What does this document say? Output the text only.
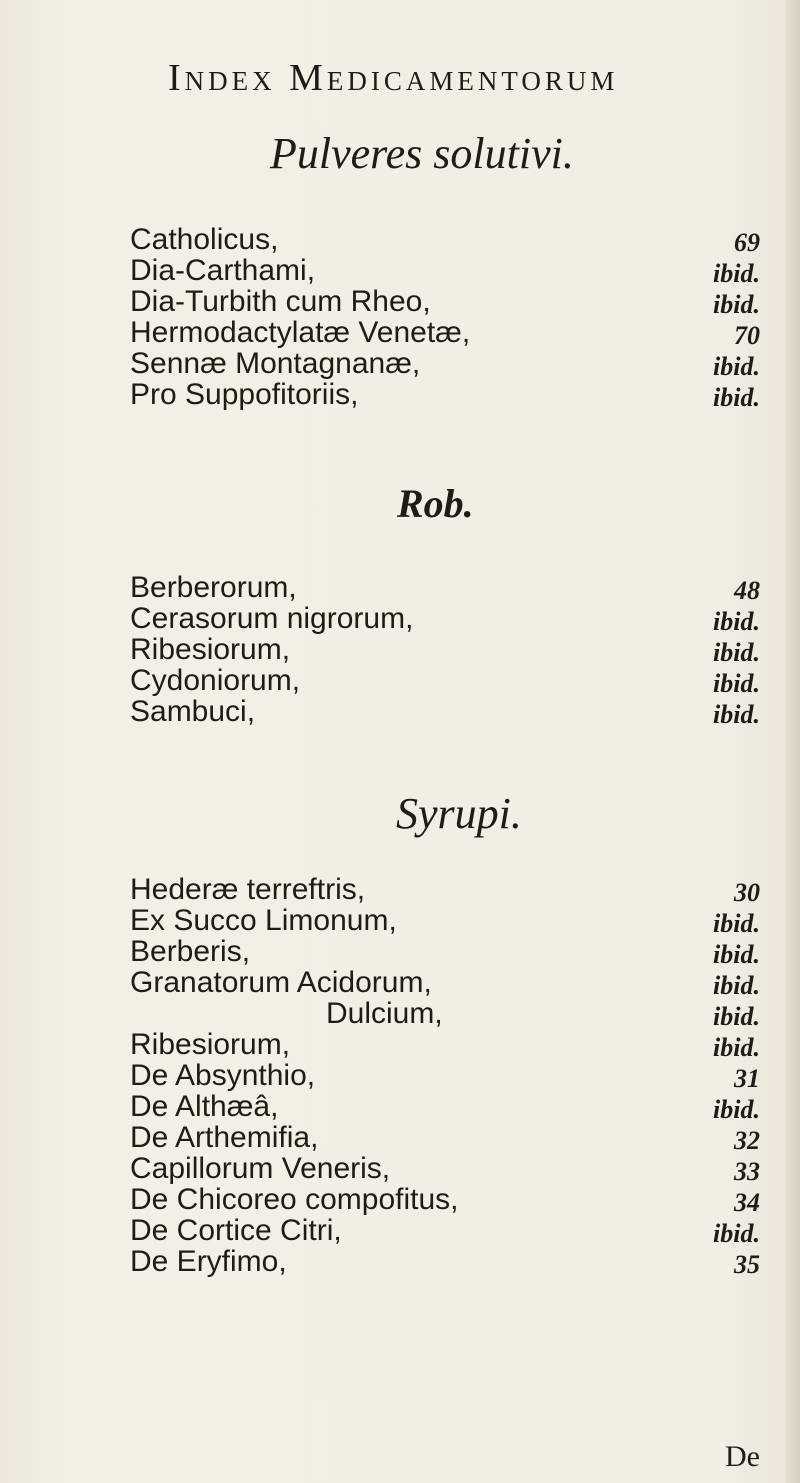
Index Medicamentorum
Pulveres solutivi.
Catholicus,	69
Dia-Carthami,	ibid.
Dia-Turbith cum Rheo,	ibid.
Hermodactylatæ Venetæ,	70
Sennæ Montagnanæ,	ibid.
Pro Suppofitoriis,	ibid.
Rob.
Berberorum,	48
Cerasorum nigrorum,	ibid.
Ribesiorum,	ibid.
Cydoniorum,	ibid.
Sambuci,	ibid.
Syrupi.
Hederæ terreftris,	30
Ex Succo Limonum,	ibid.
Berberis,	ibid.
Granatorum Acidorum,	ibid.
Dulcium,	ibid.
Ribesiorum,	ibid.
De Absynthio,	31
De Althæâ,	ibid.
De Arthemifia,	32
Capillorum Veneris,	33
De Chicoreo compofitus,	34
De Cortice Citri,	ibid.
De Eryfimo,	35
De
